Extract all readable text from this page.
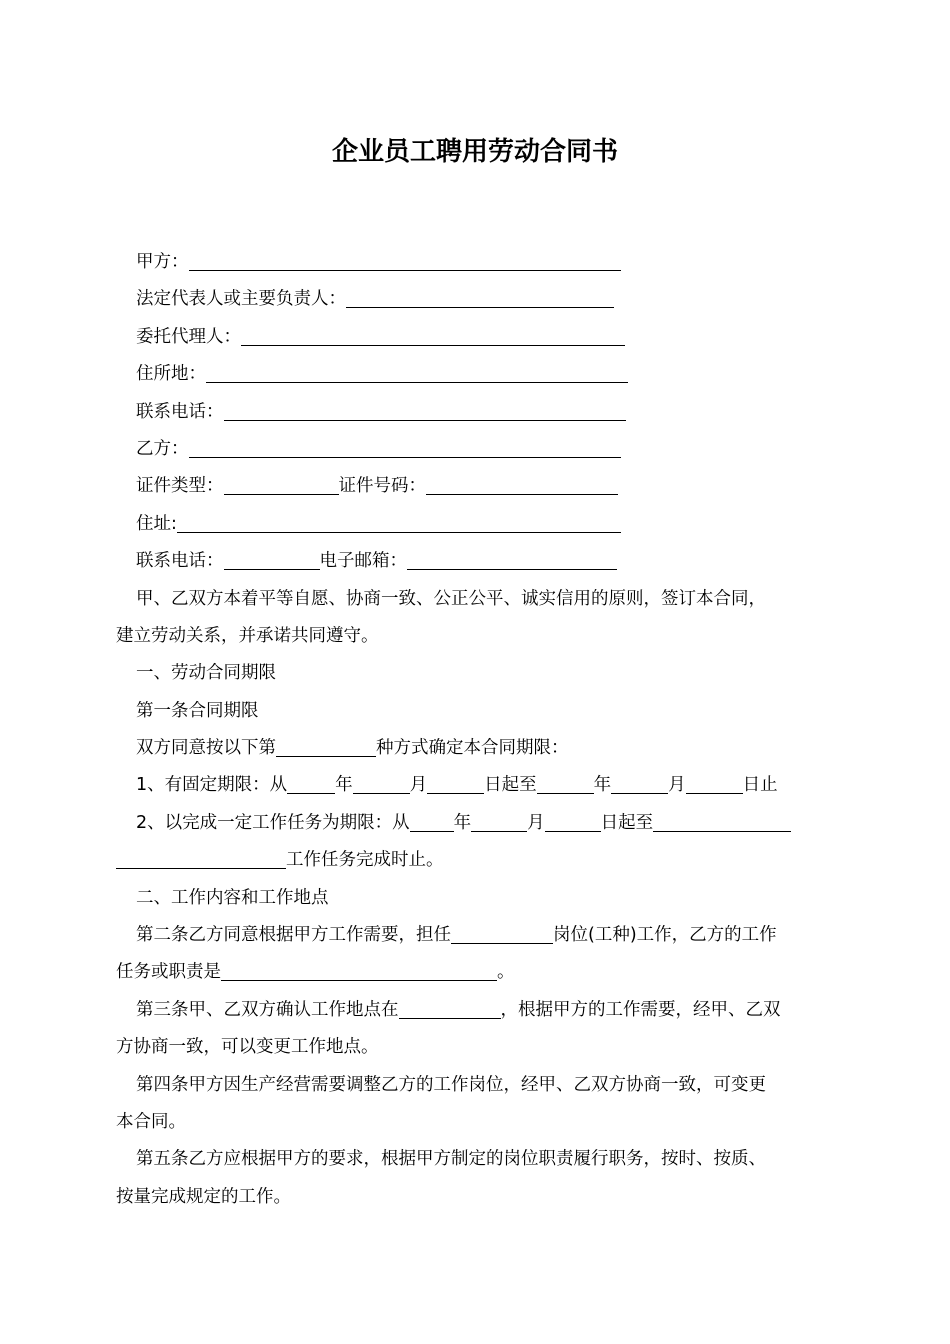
企业员工聘用劳动合同书
甲方：
法定代表人或主要负责人：
委托代理人：
住所地：
联系电话：
乙方：
证件类型：	证件号码：
住址:
联系电话：	电子邮箱：
甲、乙双方本着平等自愿、协商一致、公正公平、诚实信用的原则，签订本合同，
建立劳动关系，并承诺共同遵守。
一、劳动合同期限
第一条合同期限
双方同意按以下第	种方式确定本合同期限：
1、有固定期限：从	年	月	日起至	年	月	日止
2、以完成一定工作任务为期限：从	年	月	日起至
工作任务完成时止。
二、工作内容和工作地点
第二条乙方同意根据甲方工作需要，担任	岗位(工种)工作，乙方的工作
任务或职责是	。
第三条甲、乙双方确认工作地点在	，根据甲方的工作需要，经甲、乙双
方协商一致，可以变更工作地点。
第四条甲方因生产经营需要调整乙方的工作岗位，经甲、乙双方协商一致，可变更
本合同。
第五条乙方应根据甲方的要求，根据甲方制定的岗位职责履行职务，按时、按质、
按量完成规定的工作。
